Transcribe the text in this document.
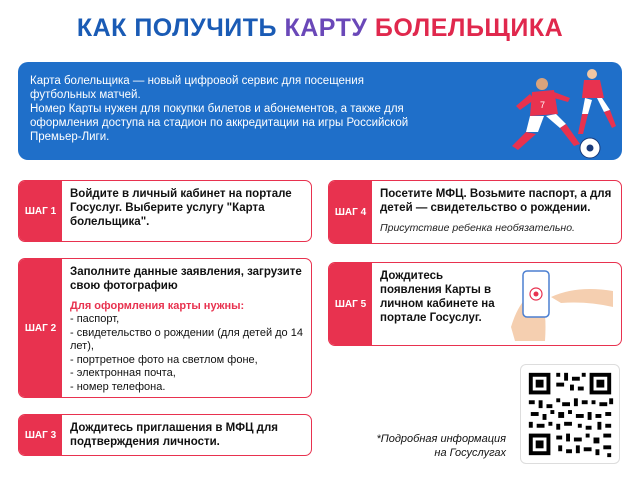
КАК ПОЛУЧИТЬ КАРТУ БОЛЕЛЬЩИКА

Карта болельщика — новый цифровой сервис для посещения футбольных матчей.

Номер Карты нужен для покупки билетов и абонементов, а также для оформления доступа на стадион по аккредитации на игры Российской Премьер-Лиги.

7
ШАГ 1
Войдите в личный кабинет на портале Госуслуг. Выберите услугу "Карта болельщика".
ШАГ 2
Заполните данные заявления, загрузите свою фотографию
Для оформления карты нужны:
- паспорт,
- свидетельство о рождении (для детей до 14 лет),
- портретное фото на светлом фоне,
- электронная почта,
- номер телефона.
ШАГ 3
Дождитесь приглашения в МФЦ для подтверждения личности.
ШАГ 4
Посетите МФЦ. Возьмите паспорт, а для детей — свидетельство о рождении.
Присутствие ребенка необязательно.
ШАГ 5
Дождитесь появления Карты в личном кабинете на портале Госуслуг.
*Подробная информация
на Госуслугах
